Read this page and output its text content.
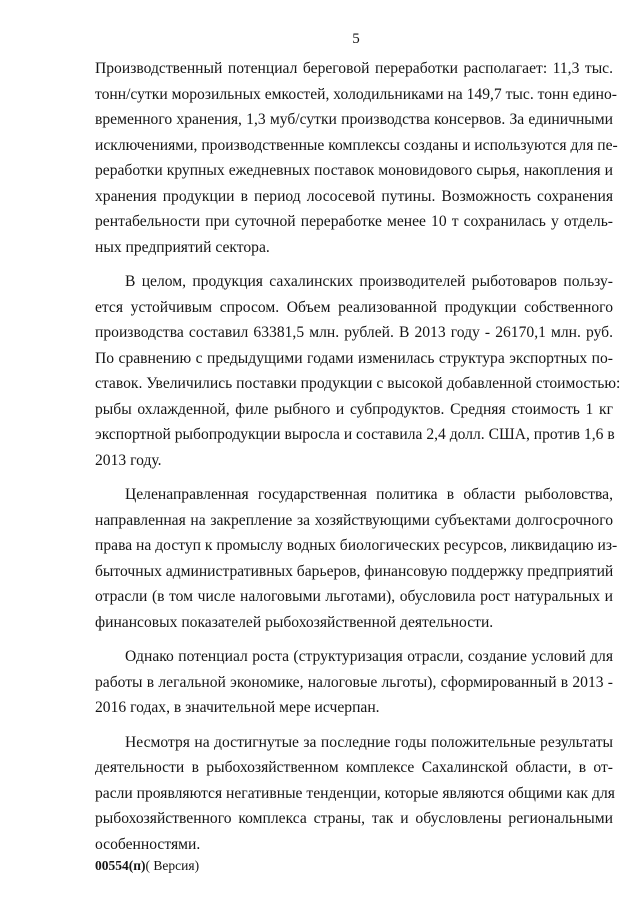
5
Производственный потенциал береговой переработки располагает: 11,3 тыс.
тонн/сутки морозильных емкостей, холодильниками на 149,7 тыс. тонн едино-
временного хранения, 1,3 муб/сутки производства консервов. За единичными
исключениями, производственные комплексы созданы и используются для пе-
реработки крупных ежедневных поставок моновидового сырья, накопления и
хранения продукции в период лососевой путины. Возможность сохранения
рентабельности при суточной переработке менее 10 т сохранилась у отдель-
ных предприятий сектора.
В целом, продукция сахалинских производителей рыботоваров пользу-
ется устойчивым спросом. Объем реализованной продукции собственного
производства составил 63381,5 млн. рублей. В 2013 году - 26170,1 млн. руб.
По сравнению с предыдущими годами изменилась структура экспортных по-
ставок. Увеличились поставки продукции с высокой добавленной стоимостью:
рыбы охлажденной, филе рыбного и субпродуктов. Средняя стоимость 1 кг
экспортной рыбопродукции выросла и составила 2,4 долл. США, против 1,6 в
2013 году.
Целенаправленная государственная политика в области рыболовства,
направленная на закрепление за хозяйствующими субъектами долгосрочного
права на доступ к промыслу водных биологических ресурсов, ликвидацию из-
быточных административных барьеров, финансовую поддержку предприятий
отрасли (в том числе налоговыми льготами), обусловила рост натуральных и
финансовых показателей рыбохозяйственной деятельности.
Однако потенциал роста (структуризация отрасли, создание условий для
работы в легальной экономике, налоговые льготы), сформированный в 2013 -
2016 годах, в значительной мере исчерпан.
Несмотря на достигнутые за последние годы положительные результаты
деятельности в рыбохозяйственном комплексе Сахалинской области, в от-
расли проявляются негативные тенденции, которые являются общими как для
рыбохозяйственного комплекса страны, так и обусловлены региональными
особенностями.
00554(п)( Версия)
